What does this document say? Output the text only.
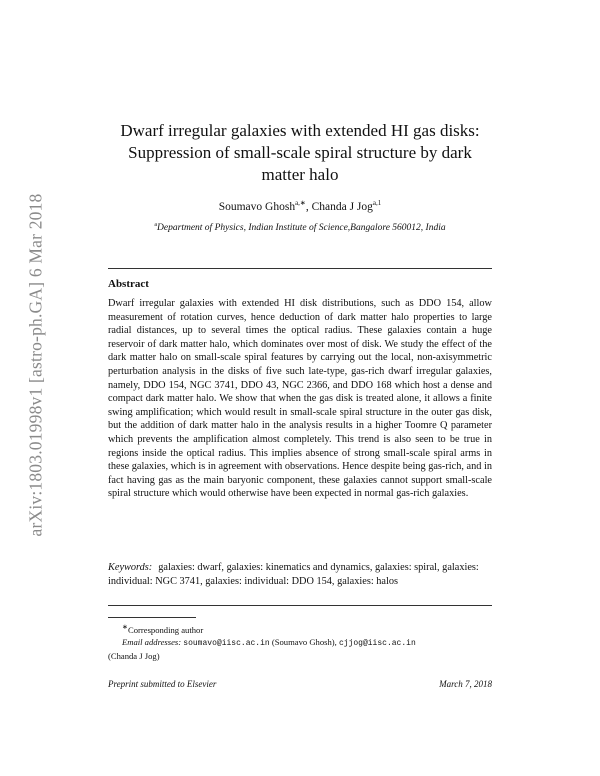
arXiv:1803.01998v1 [astro-ph.GA] 6 Mar 2018
Dwarf irregular galaxies with extended HI gas disks:
Suppression of small-scale spiral structure by dark
matter halo
Soumavo Ghosh$^{a,∗}$, Chanda J Jog$^{a,1}$
$^a$Department of Physics, Indian Institute of Science,Bangalore 560012, India
Abstract

Dwarf irregular galaxies with extended HI disk distributions, such as DDO 154, allow measurement of rotation curves, hence deduction of dark matter halo properties to large radial distances, up to several times the optical radius. These galaxies contain a huge reservoir of dark matter halo, which dominates over most of disk. We study the effect of the dark matter halo on small-scale spiral features by carrying out the local, non-axisymmetric perturbation analysis in the disks of five such late-type, gas-rich dwarf irregular galaxies, namely, DDO 154, NGC 3741, DDO 43, NGC 2366, and DDO 168 which host a dense and compact dark matter halo. We show that when the gas disk is treated alone, it allows a finite swing amplification; which would result in small-scale spiral structure in the outer gas disk, but the addition of dark matter halo in the analysis results in a higher Toomre Q parameter which prevents the amplification almost completely. This trend is also seen to be true in regions inside the optical radius. This implies absence of strong small-scale spiral arms in these galaxies, which is in agreement with observations. Hence despite being gas-rich, and in fact having gas as the main baryonic component, these galaxies cannot support small-scale spiral structure which would otherwise have been expected in normal gas-rich galaxies.

Keywords: galaxies: dwarf, galaxies: kinematics and dynamics, galaxies: spiral, galaxies: individual: NGC 3741, galaxies: individual: DDO 154, galaxies: halos

∗Corresponding author
Email addresses: soumavo@iisc.ac.in (Soumavo Ghosh), cjjog@iisc.ac.in
(Chanda J Jog)
Preprint submitted to Elsevier	March 7, 2018
